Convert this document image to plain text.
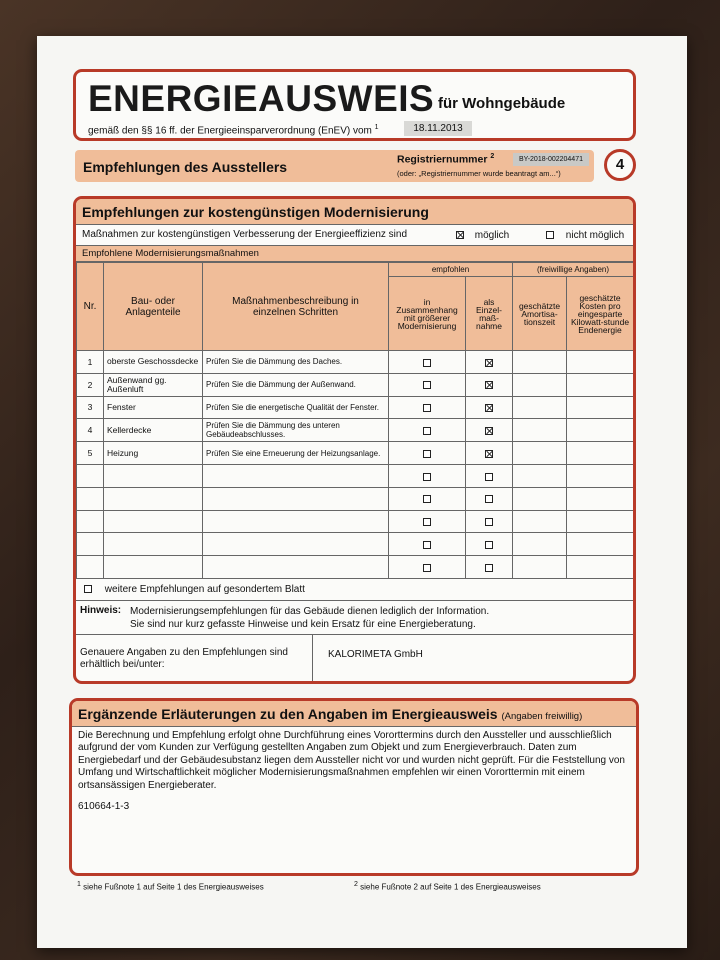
ENERGIEAUSWEIS für Wohngebäude
gemäß den §§ 16 ff. der Energieeinsparverordnung (EnEV) vom $^1$	18.11.2013
Empfehlungen des Ausstellers	Registriernummer $^2$	BY-2018-002204471
(oder: „Registriernummer wurde beantragt am...“)
4
Empfehlungen zur kostengünstigen Modernisierung
Maßnahmen zur kostengünstigen Verbesserung der Energieeffizienz sind	möglich	nicht möglich
Empfohlene Modernisierungsmaßnahmen
Nr.	Bau- oder Anlagenteile	Maßnahmenbeschreibung in einzelnen Schritten	empfohlen		(freiwillige Angaben)	
			in Zusammenhang mit größerer Modernisierung	als Einzel-maß-nahme	geschätzte Amortisa-tionszeit	geschätzte Kosten pro eingesparte Kilowatt-stunde Endenergie
1	oberste Geschossdecke	Prüfen Sie die Dämmung des Daches.				
2	Außenwand gg. Außenluft	Prüfen Sie die Dämmung der Außenwand.				
3	Fenster	Prüfen Sie die energetische Qualität der Fenster.				
4	Kellerdecke	Prüfen Sie die Dämmung des unteren Gebäudeabschlusses.				
5	Heizung	Prüfen Sie eine Erneuerung der Heizungsanlage.				

weitere Empfehlungen auf gesondertem Blatt
Hinweis: Modernisierungsempfehlungen für das Gebäude dienen lediglich der Information.
Sie sind nur kurz gefasste Hinweise und kein Ersatz für eine Energieberatung.
Genauere Angaben zu den Empfehlungen sind erhältlich bei/unter:
KALORIMETA GmbH
Ergänzende Erläuterungen zu den Angaben im Energieausweis (Angaben freiwillig)
Die Berechnung und Empfehlung erfolgt ohne Durchführung eines Vororttermins durch den Aussteller und ausschließlich aufgrund der vom Kunden zur Verfügung gestellten Angaben zum Objekt und zum Energieverbrauch. Daten zum Energiebedarf und der Gebäudesubstanz liegen dem Aussteller nicht vor und wurden nicht geprüft. Für die Feststellung von Umfang und Wirtschaftlichkeit möglicher Modernisierungsmaßnahmen empfehlen wir einen Vororttermin mit einem ortsansässigen Energieberater.
610664-1-3
$^1$ siehe Fußnote 1 auf Seite 1 des Energieausweises	$^2$ siehe Fußnote 2 auf Seite 1 des Energieausweises
